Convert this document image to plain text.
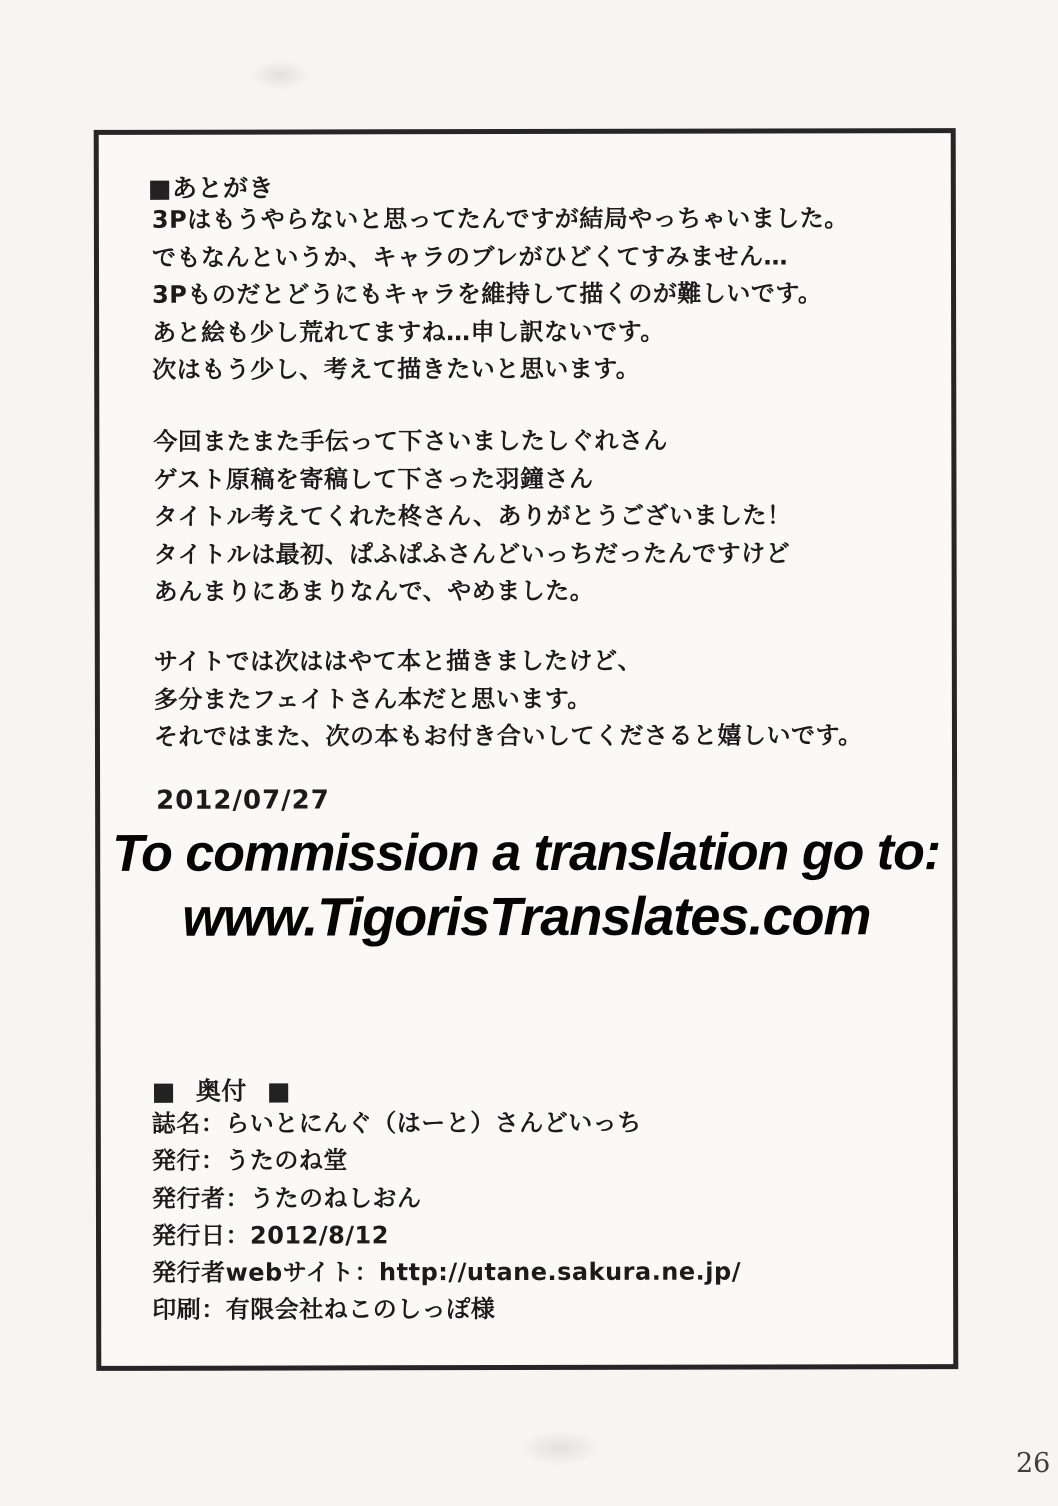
■あとがき
3Pはもうやらないと思ってたんですが結局やっちゃいました。
でもなんというか、キャラのブレがひどくてすみません…
3Pものだとどうにもキャラを維持して描くのが難しいです。
あと絵も少し荒れてますね…申し訳ないです。
次はもう少し、考えて描きたいと思います。
今回またまた手伝って下さいましたしぐれさん
ゲスト原稿を寄稿して下さった羽鐘さん
タイトル考えてくれた柊さん、ありがとうございました！
タイトルは最初、ぱふぱふさんどいっちだったんですけど
あんまりにあまりなんで、やめました。
サイトでは次ははやて本と描きましたけど、
多分またフェイトさん本だと思います。
それではまた、次の本もお付き合いしてくださると嬉しいです。
2012/07/27
To commission a translation go to:
www.TigorisTranslates.com
■ 奥付 ■
誌名：らいとにんぐ（はーと）さんどいっち
発行：うたのね堂
発行者：うたのねしおん
発行日：2012/8/12
発行者webサイト：http://utane.sakura.ne.jp/
印刷：有限会社ねこのしっぽ様
26
